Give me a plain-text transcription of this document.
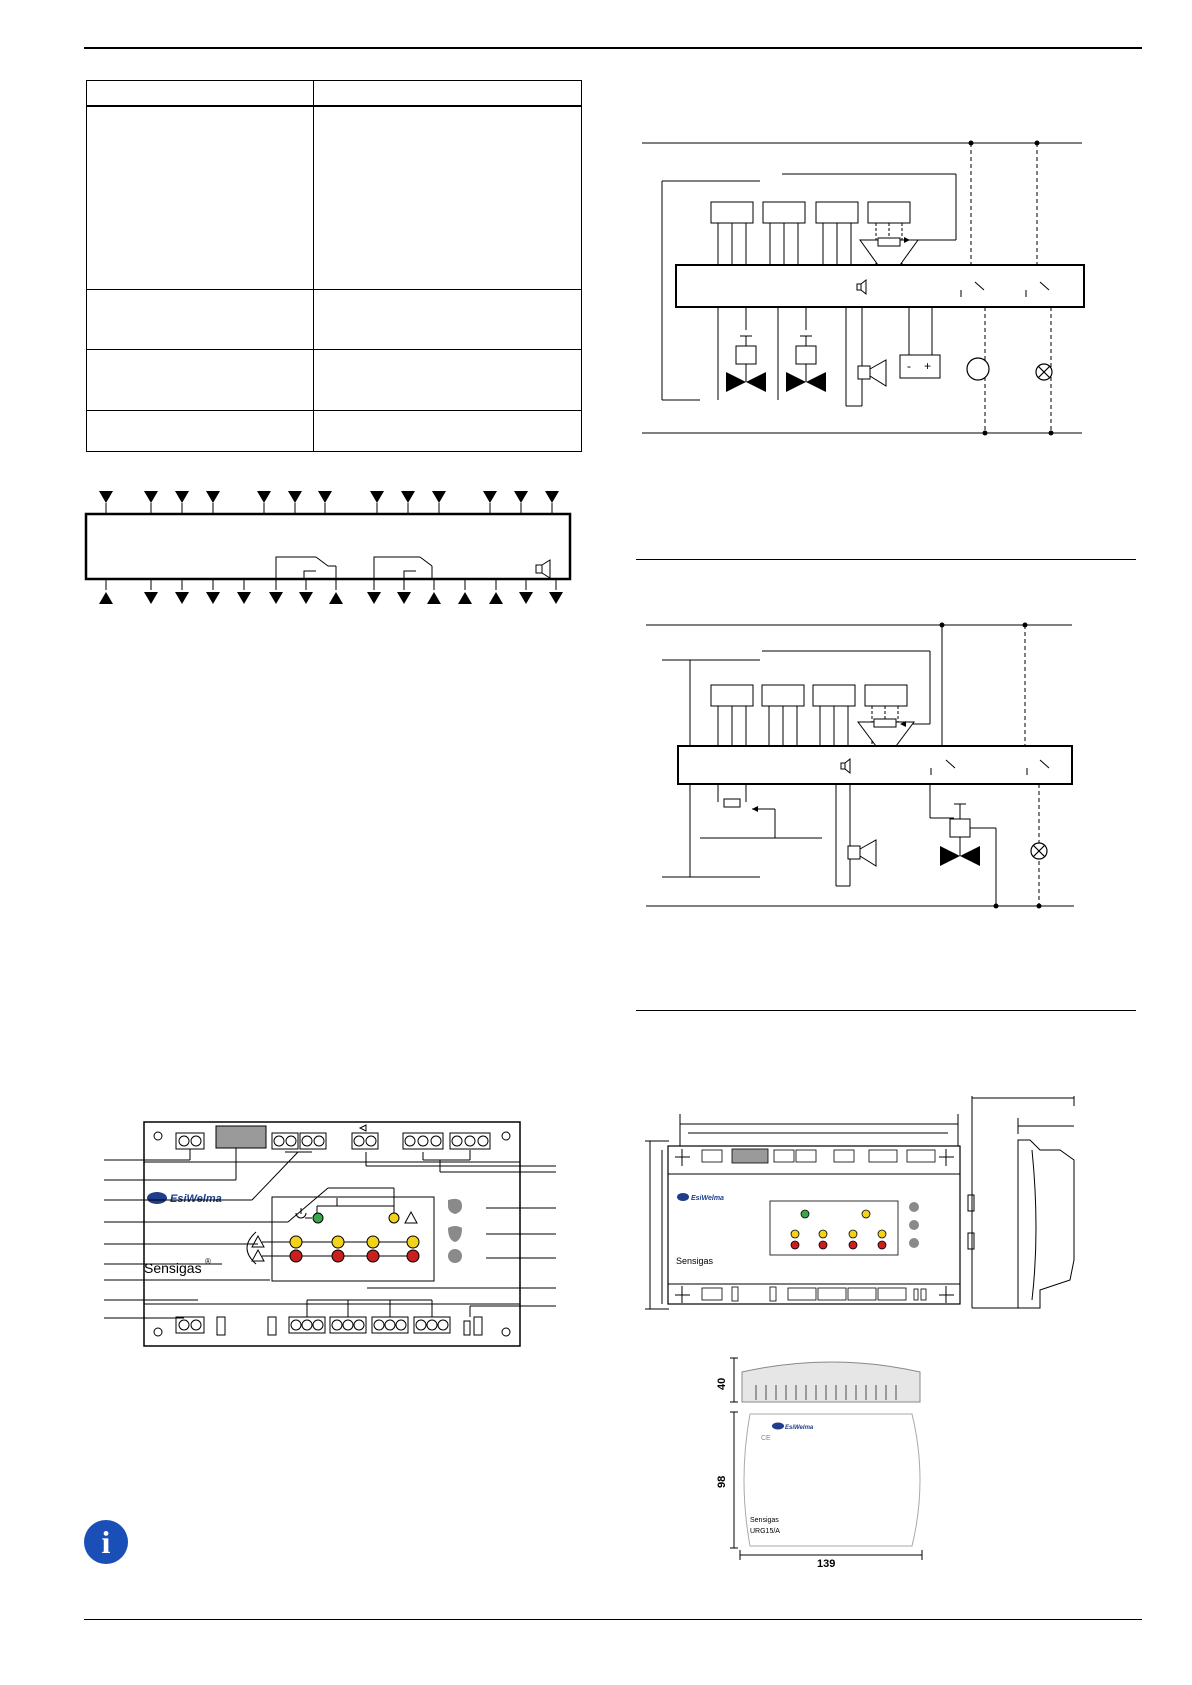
- +
EsiWelma
Sensigas ®
EsiWelma
Sensigas
EsiWelma
CE
Sensigas
URG15/A
40
98
139
i
